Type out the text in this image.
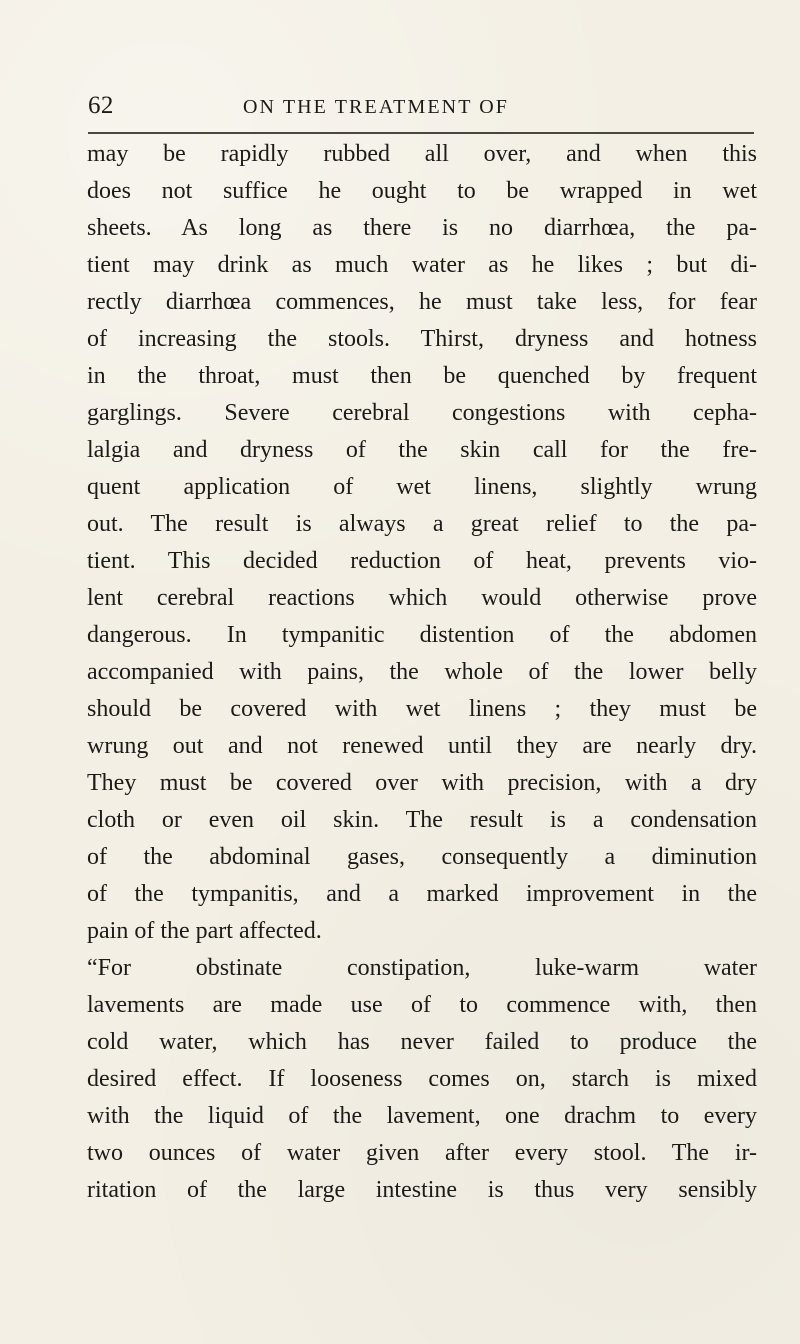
62	ON THE TREATMENT OF
may be rapidly rubbed all over, and when this
does not suffice he ought to be wrapped in wet
sheets. As long as there is no diarrhœa, the pa-
tient may drink as much water as he likes ; but di-
rectly diarrhœa commences, he must take less, for fear
of increasing the stools. Thirst, dryness and hotness
in the throat, must then be quenched by frequent
garglings. Severe cerebral congestions with cepha-
lalgia and dryness of the skin call for the fre-
quent application of wet linens, slightly wrung
out. The result is always a great relief to the pa-
tient. This decided reduction of heat, prevents vio-
lent cerebral reactions which would otherwise prove
dangerous. In tympanitic distention of the abdomen
accompanied with pains, the whole of the lower belly
should be covered with wet linens ; they must be
wrung out and not renewed until they are nearly dry.
They must be covered over with precision, with a dry
cloth or even oil skin. The result is a condensation
of the abdominal gases, consequently a diminution
of the tympanitis, and a marked improvement in the
pain of the part affected.
“For obstinate constipation, luke-warm water
lavements are made use of to commence with, then
cold water, which has never failed to produce the
desired effect. If looseness comes on, starch is mixed
with the liquid of the lavement, one drachm to every
two ounces of water given after every stool. The ir-
ritation of the large intestine is thus very sensibly
